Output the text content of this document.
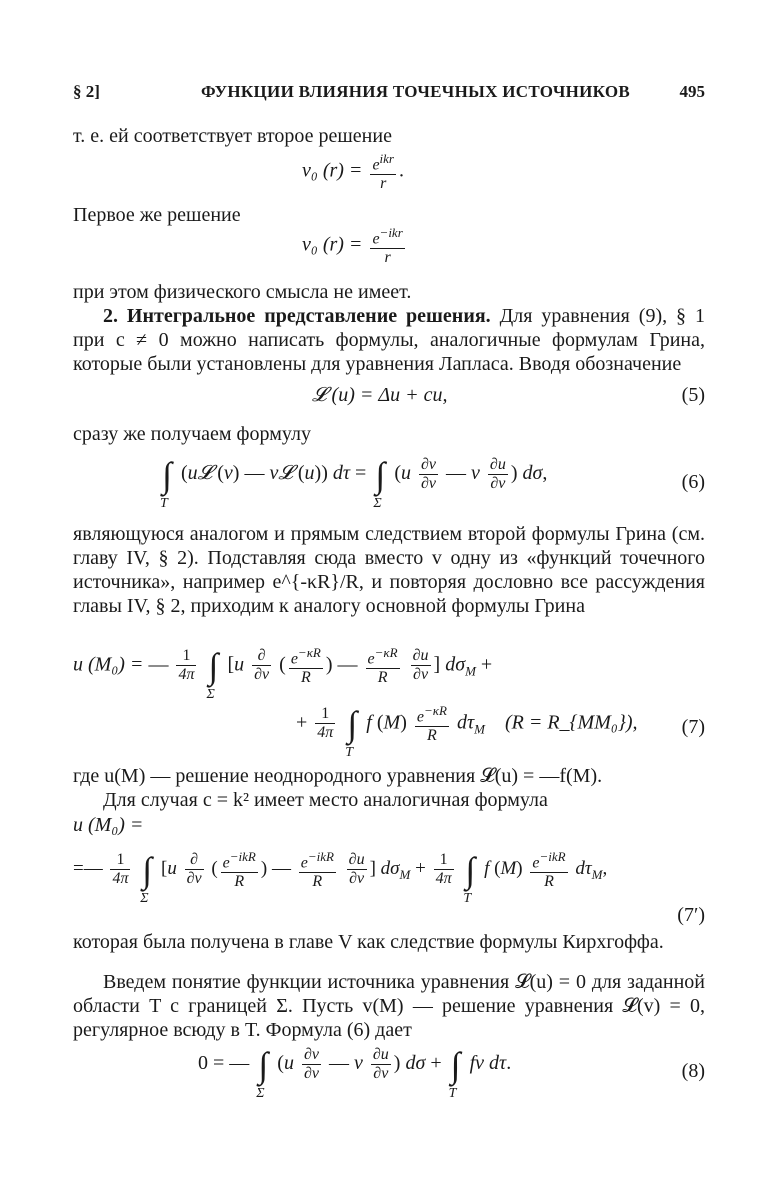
§ 2]	ФУНКЦИИ ВЛИЯНИЯ ТОЧЕЧНЫХ ИСТОЧНИКОВ	495
т. е. ей соответствует второе решение
v₀ $(r) = \frac{e^{ikr}}{r}$ .
Первое же решение
v₀ $(r) = \frac{e^{-ikr}}{r}$
при этом физического смысла не имеет.
2. Интегральное представление решения. Для уравнения (9), § 1 при c ≠ 0 можно написать формулы, аналогичные формулам Грина, которые были установлены для уравнения Лапласа. Вводя обозначение
𝓛 (u) = Δu + cu,	(5)
сразу же получаем формулу
∫
T
(u𝓛 (v) — v𝓛 (u)) dτ = ∫
Σ
($u \frac{\partial v}{\partial\nu}$ — v $\frac{\partial u}{\partial\nu}$ ) dσ,	(6)
являющуюся аналогом и прямым следствием второй формулы Грина (см. главу IV, § 2). Подставляя сюда вместо v одну из «функций точечного источника», например e^{-κR}/R, и повторяя дословно все рассуждения главы IV, § 2, приходим к аналогу основной формулы Грина
u (M₀) = — $\frac{1}{4\pi}$ ∫
Σ
[$u \frac{\partial}{\partial\nu}$ ( $\frac{e^{-\kappa R}}{R}$ ) — $\frac{e^{-\kappa R}}{R}$
$\frac{\partial u}{\partial\nu}$ ] $d\sigma_M$ +
+ $\frac{1}{4\pi}$ ∫
T
f $(M) \frac{e^{-\kappa R}}{R} d\tau_M$ (R = R_{MM₀}), (7)
где u(M) — решение неоднородного уравнения 𝓛(u) = —f(M).
Для случая c = k² имеет место аналогичная формула
u (M₀) =
=— $\frac{1}{4\pi}$ ∫
Σ
[$u \frac{\partial}{\partial\nu}$ ( $\frac{e^{-ikR}}{R}$ ) — $\frac{e^{-ikR}}{R}$
$\frac{\partial u}{\partial\nu}$ ] $d\sigma_M + \frac{1}{4\pi}$ ∫
T
f $(M) \frac{e^{-ikR}}{R} d\tau_M$,
(7′)
которая была получена в главе V как следствие формулы Кирхгоффа.
Введем понятие функции источника уравнения 𝓛(u) = 0 для заданной области T с границей Σ. Пусть v(M) — решение уравнения 𝓛(v) = 0, регулярное всюду в T. Формула (6) дает
0 = — ∫
Σ
($u \frac{\partial v}{\partial\nu}$ — v $\frac{\partial u}{\partial\nu}$ ) dσ + ∫
T
fv dτ.	(8)
